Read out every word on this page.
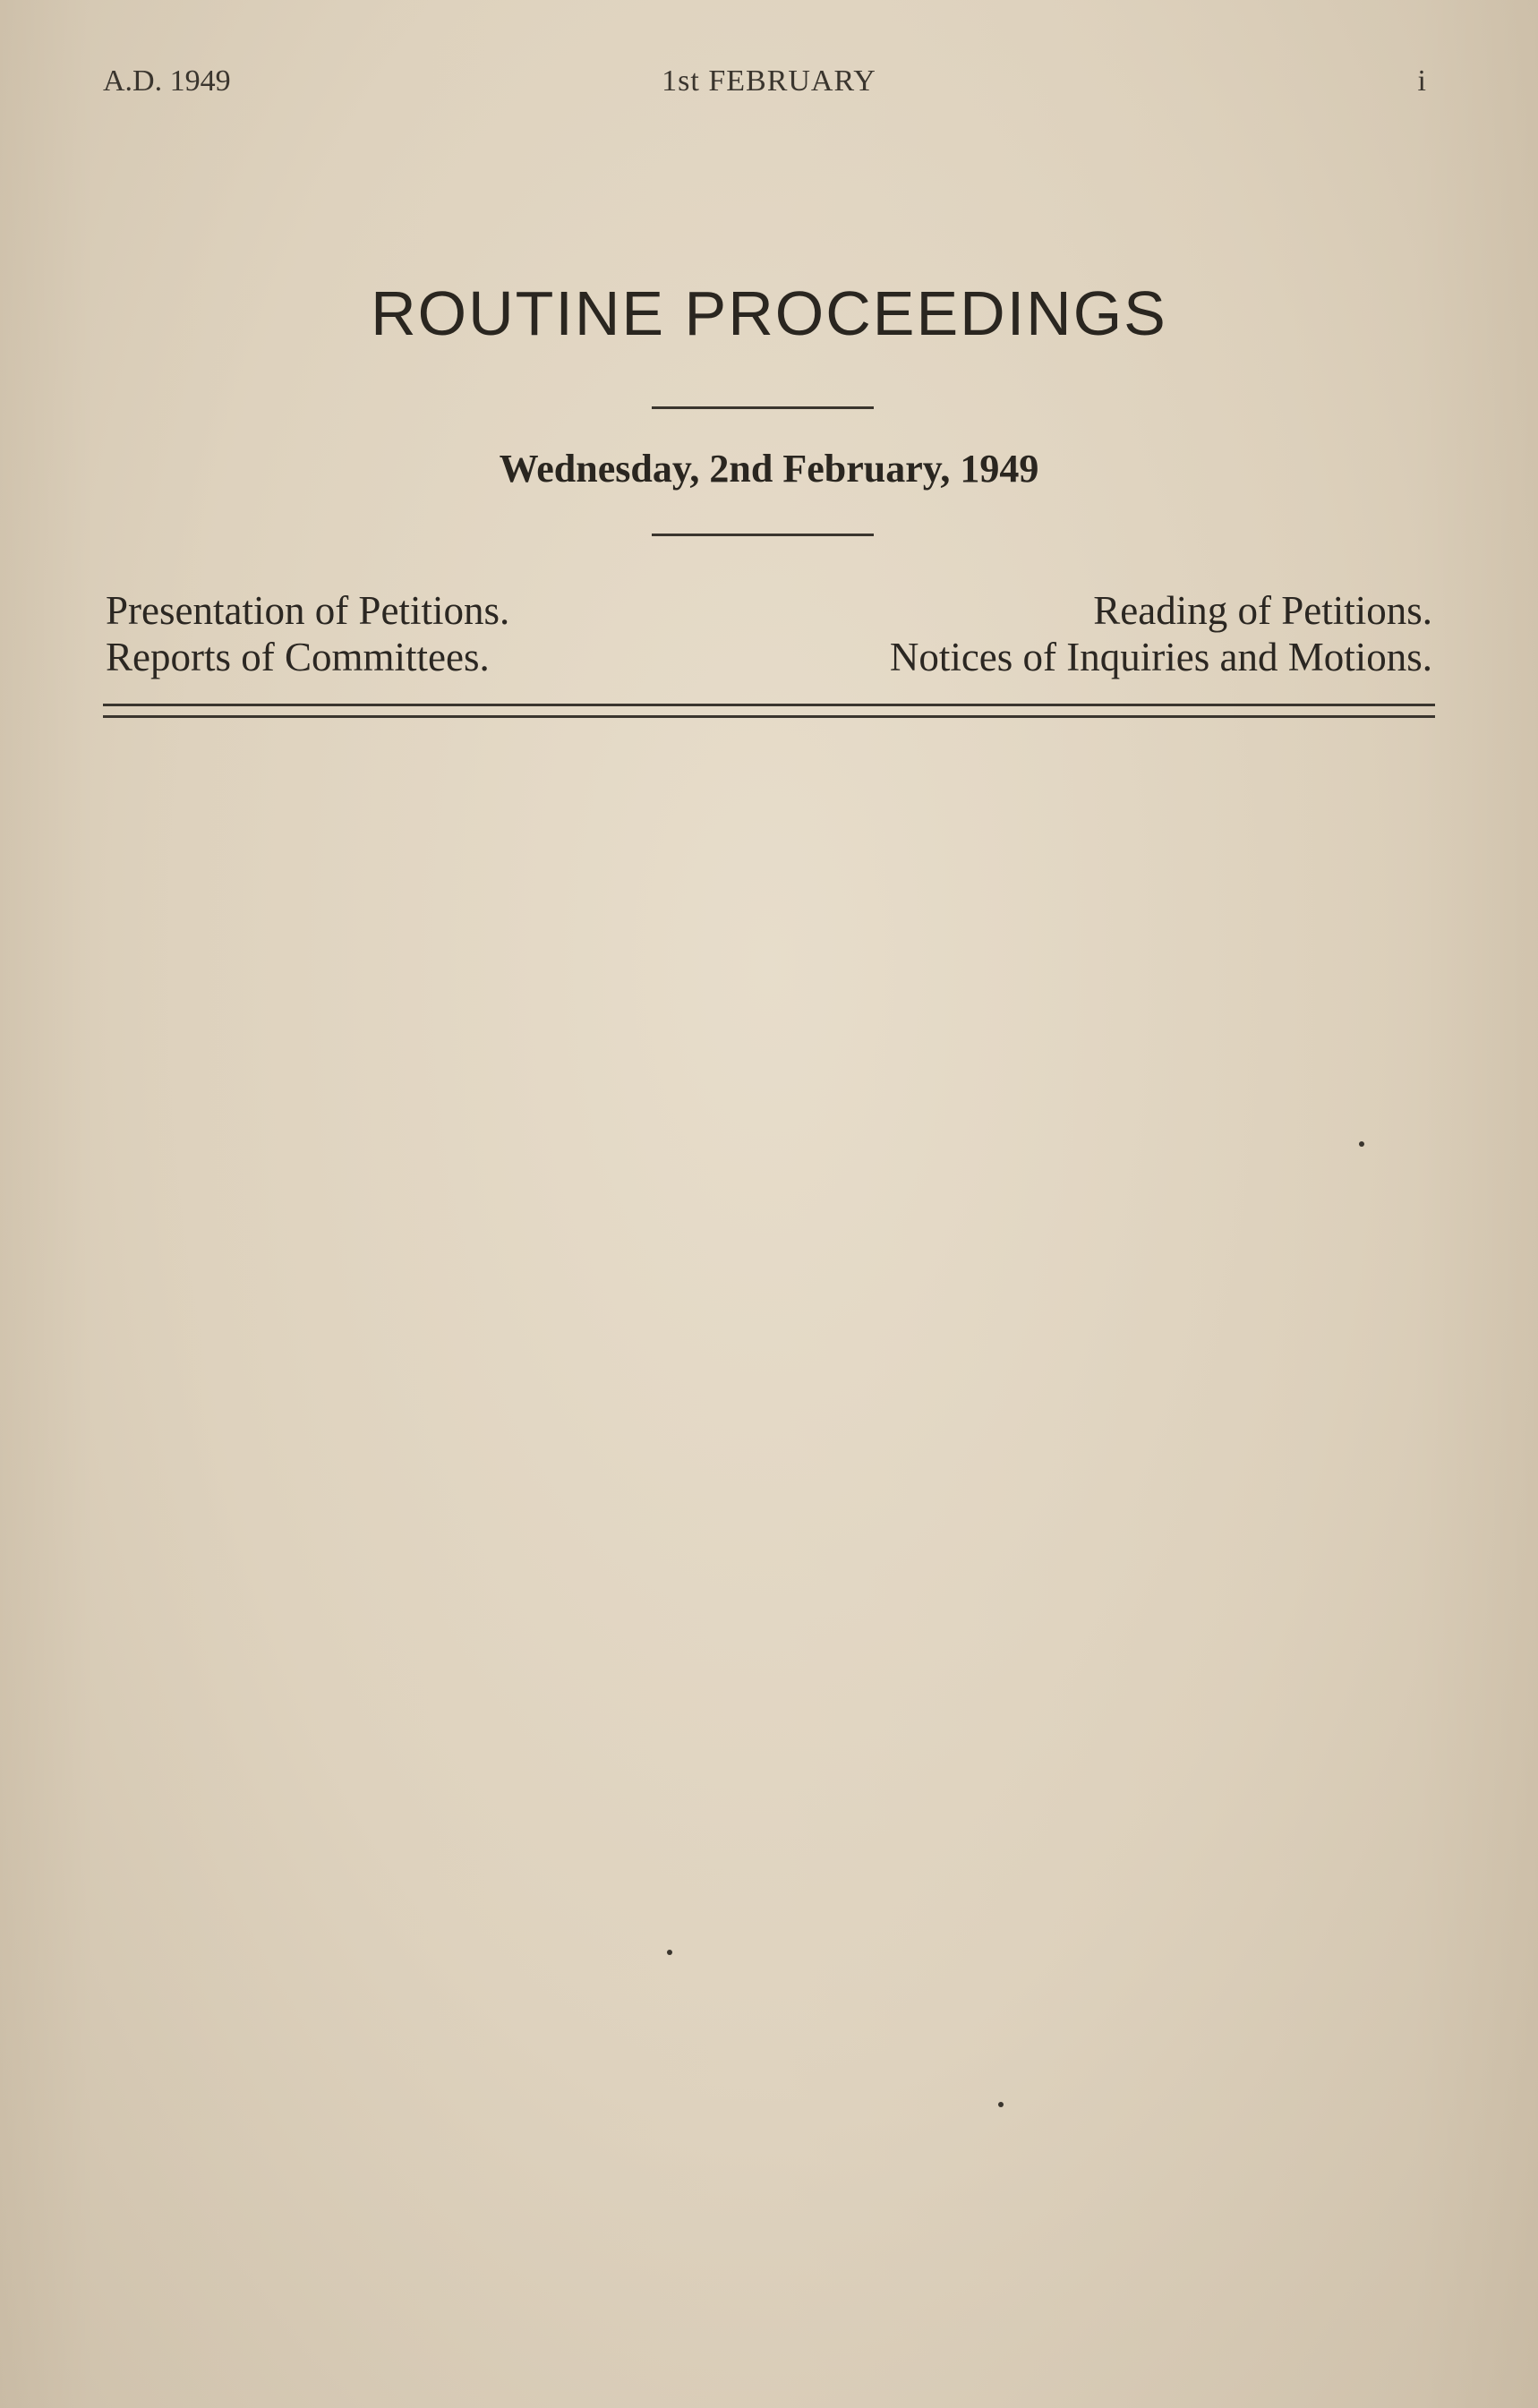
A.D. 1949	1st FEBRUARY	i
ROUTINE PROCEEDINGS
Wednesday, 2nd February, 1949
Presentation of Petitions.
Reports of Committees.
Reading of Petitions.
Notices of Inquiries and Motions.
